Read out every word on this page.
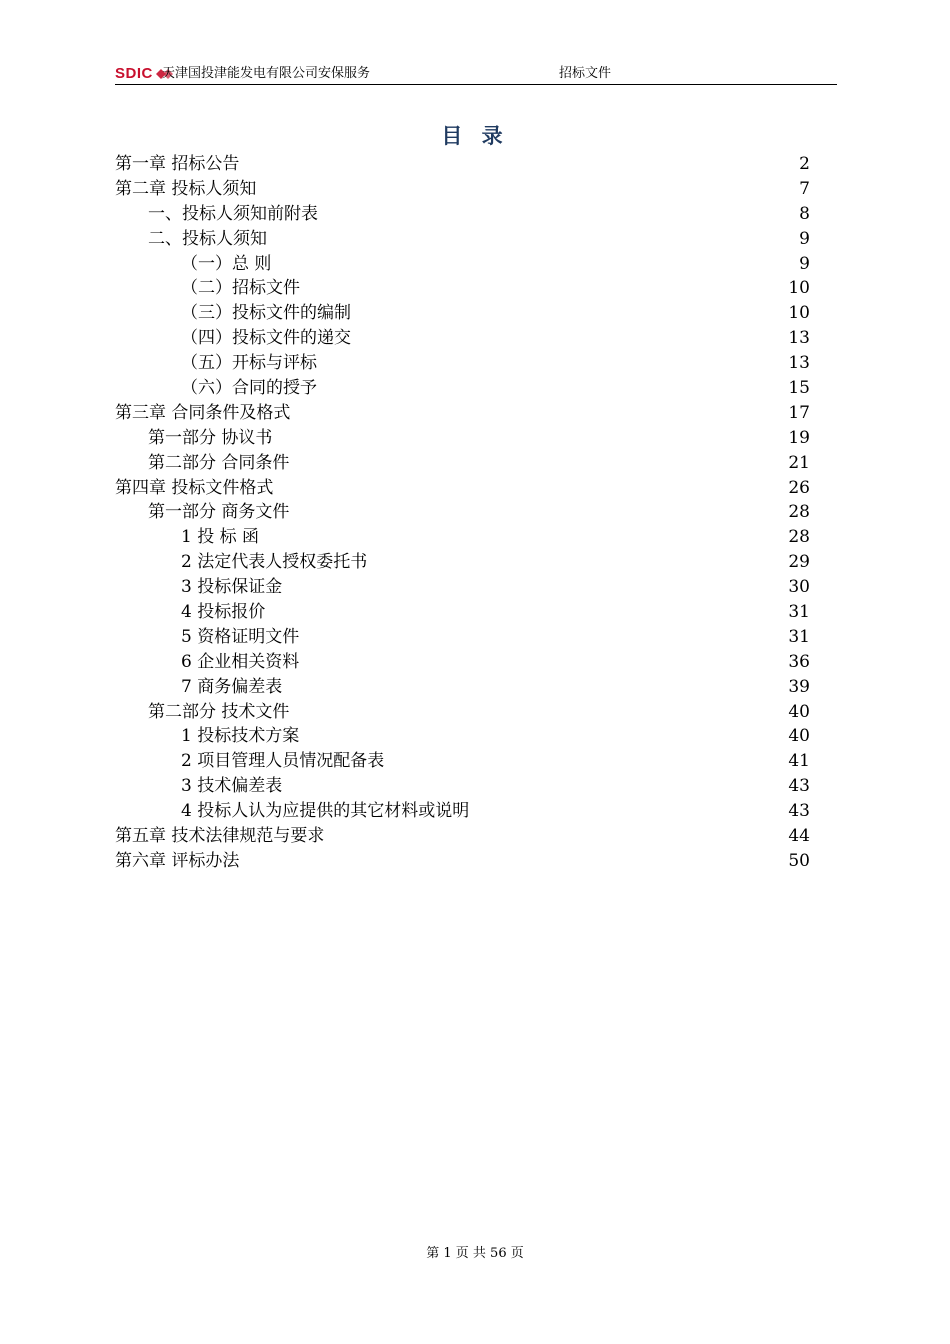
SDIC 天津国投津能发电有限公司安保服务	招标文件
目 录
第一章 招标公告	2
第二章 投标人须知	7
一、投标人须知前附表	8
二、投标人须知	9
（一）总 则	9
（二）招标文件	10
（三）投标文件的编制	10
（四）投标文件的递交	13
（五）开标与评标	13
（六）合同的授予	15
第三章 合同条件及格式	17
第一部分 协议书	19
第二部分 合同条件	21
第四章 投标文件格式	26
第一部分 商务文件	28
1 投 标 函	28
2 法定代表人授权委托书	29
3 投标保证金	30
4 投标报价	31
5 资格证明文件	31
6 企业相关资料	36
7 商务偏差表	39
第二部分 技术文件	40
1 投标技术方案	40
2 项目管理人员情况配备表	41
3 技术偏差表	43
4 投标人认为应提供的其它材料或说明	43
第五章 技术法律规范与要求	44
第六章 评标办法	50
第 1 页 共 56 页
